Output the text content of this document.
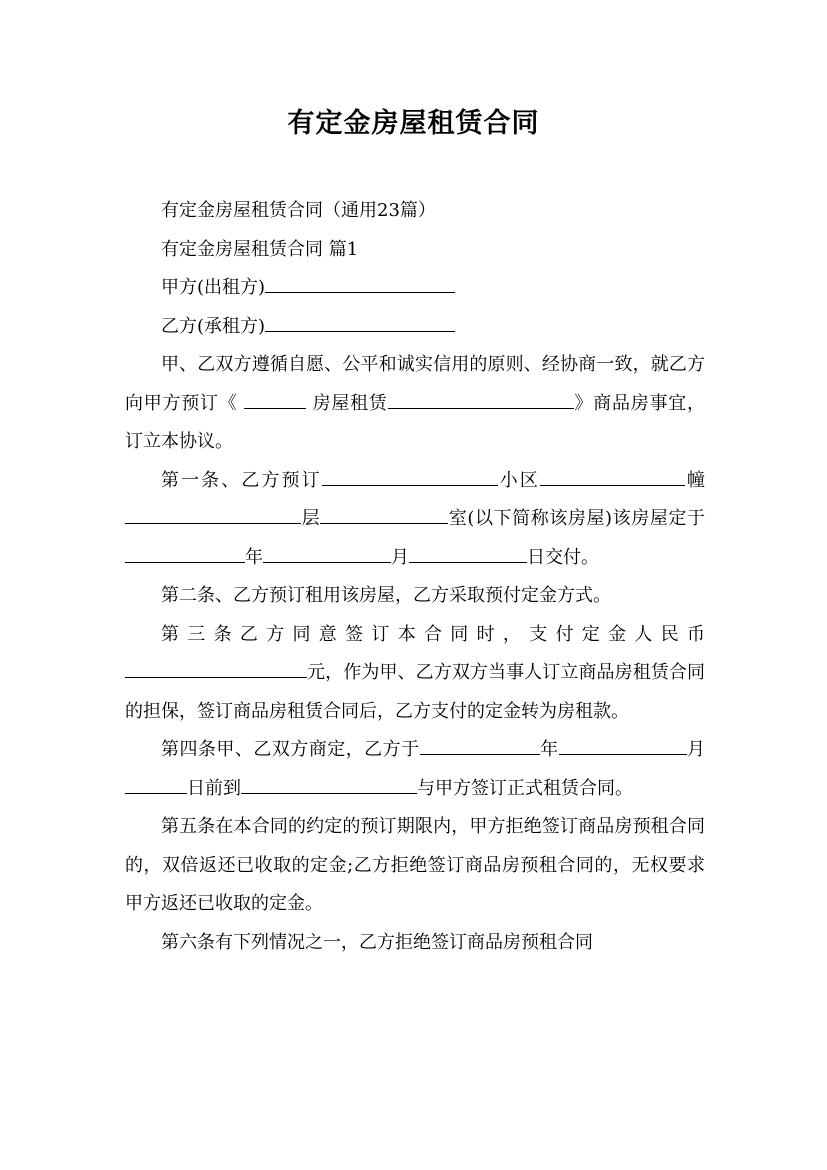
有定金房屋租赁合同

有定金房屋租赁合同（通用23篇）

有定金房屋租赁合同 篇1

甲方(出租方)

乙方(承租方)

甲、乙双方遵循自愿、公平和诚实信用的原则、经协商一致，就乙方向甲方预订《	房屋租赁	》商品房事宜，订立本协议。

第一条、乙方预订	小区	幢层	室(以下简称该房屋)该房屋定于年	月	日交付。

第二条、乙方预订租用该房屋，乙方采取预付定金方式。

第三条乙方同意签订本合同时，支付定金人民币元，作为甲、乙方双方当事人订立商品房租赁合同的担保，签订商品房租赁合同后，乙方支付的定金转为房租款。

第四条甲、乙双方商定，乙方于	年	月日前到	与甲方签订正式租赁合同。

第五条在本合同的约定的预订期限内，甲方拒绝签订商品房预租合同的，双倍返还已收取的定金;乙方拒绝签订商品房预租合同的，无权要求甲方返还已收取的定金。

第六条有下列情况之一，乙方拒绝签订商品房预租合同
